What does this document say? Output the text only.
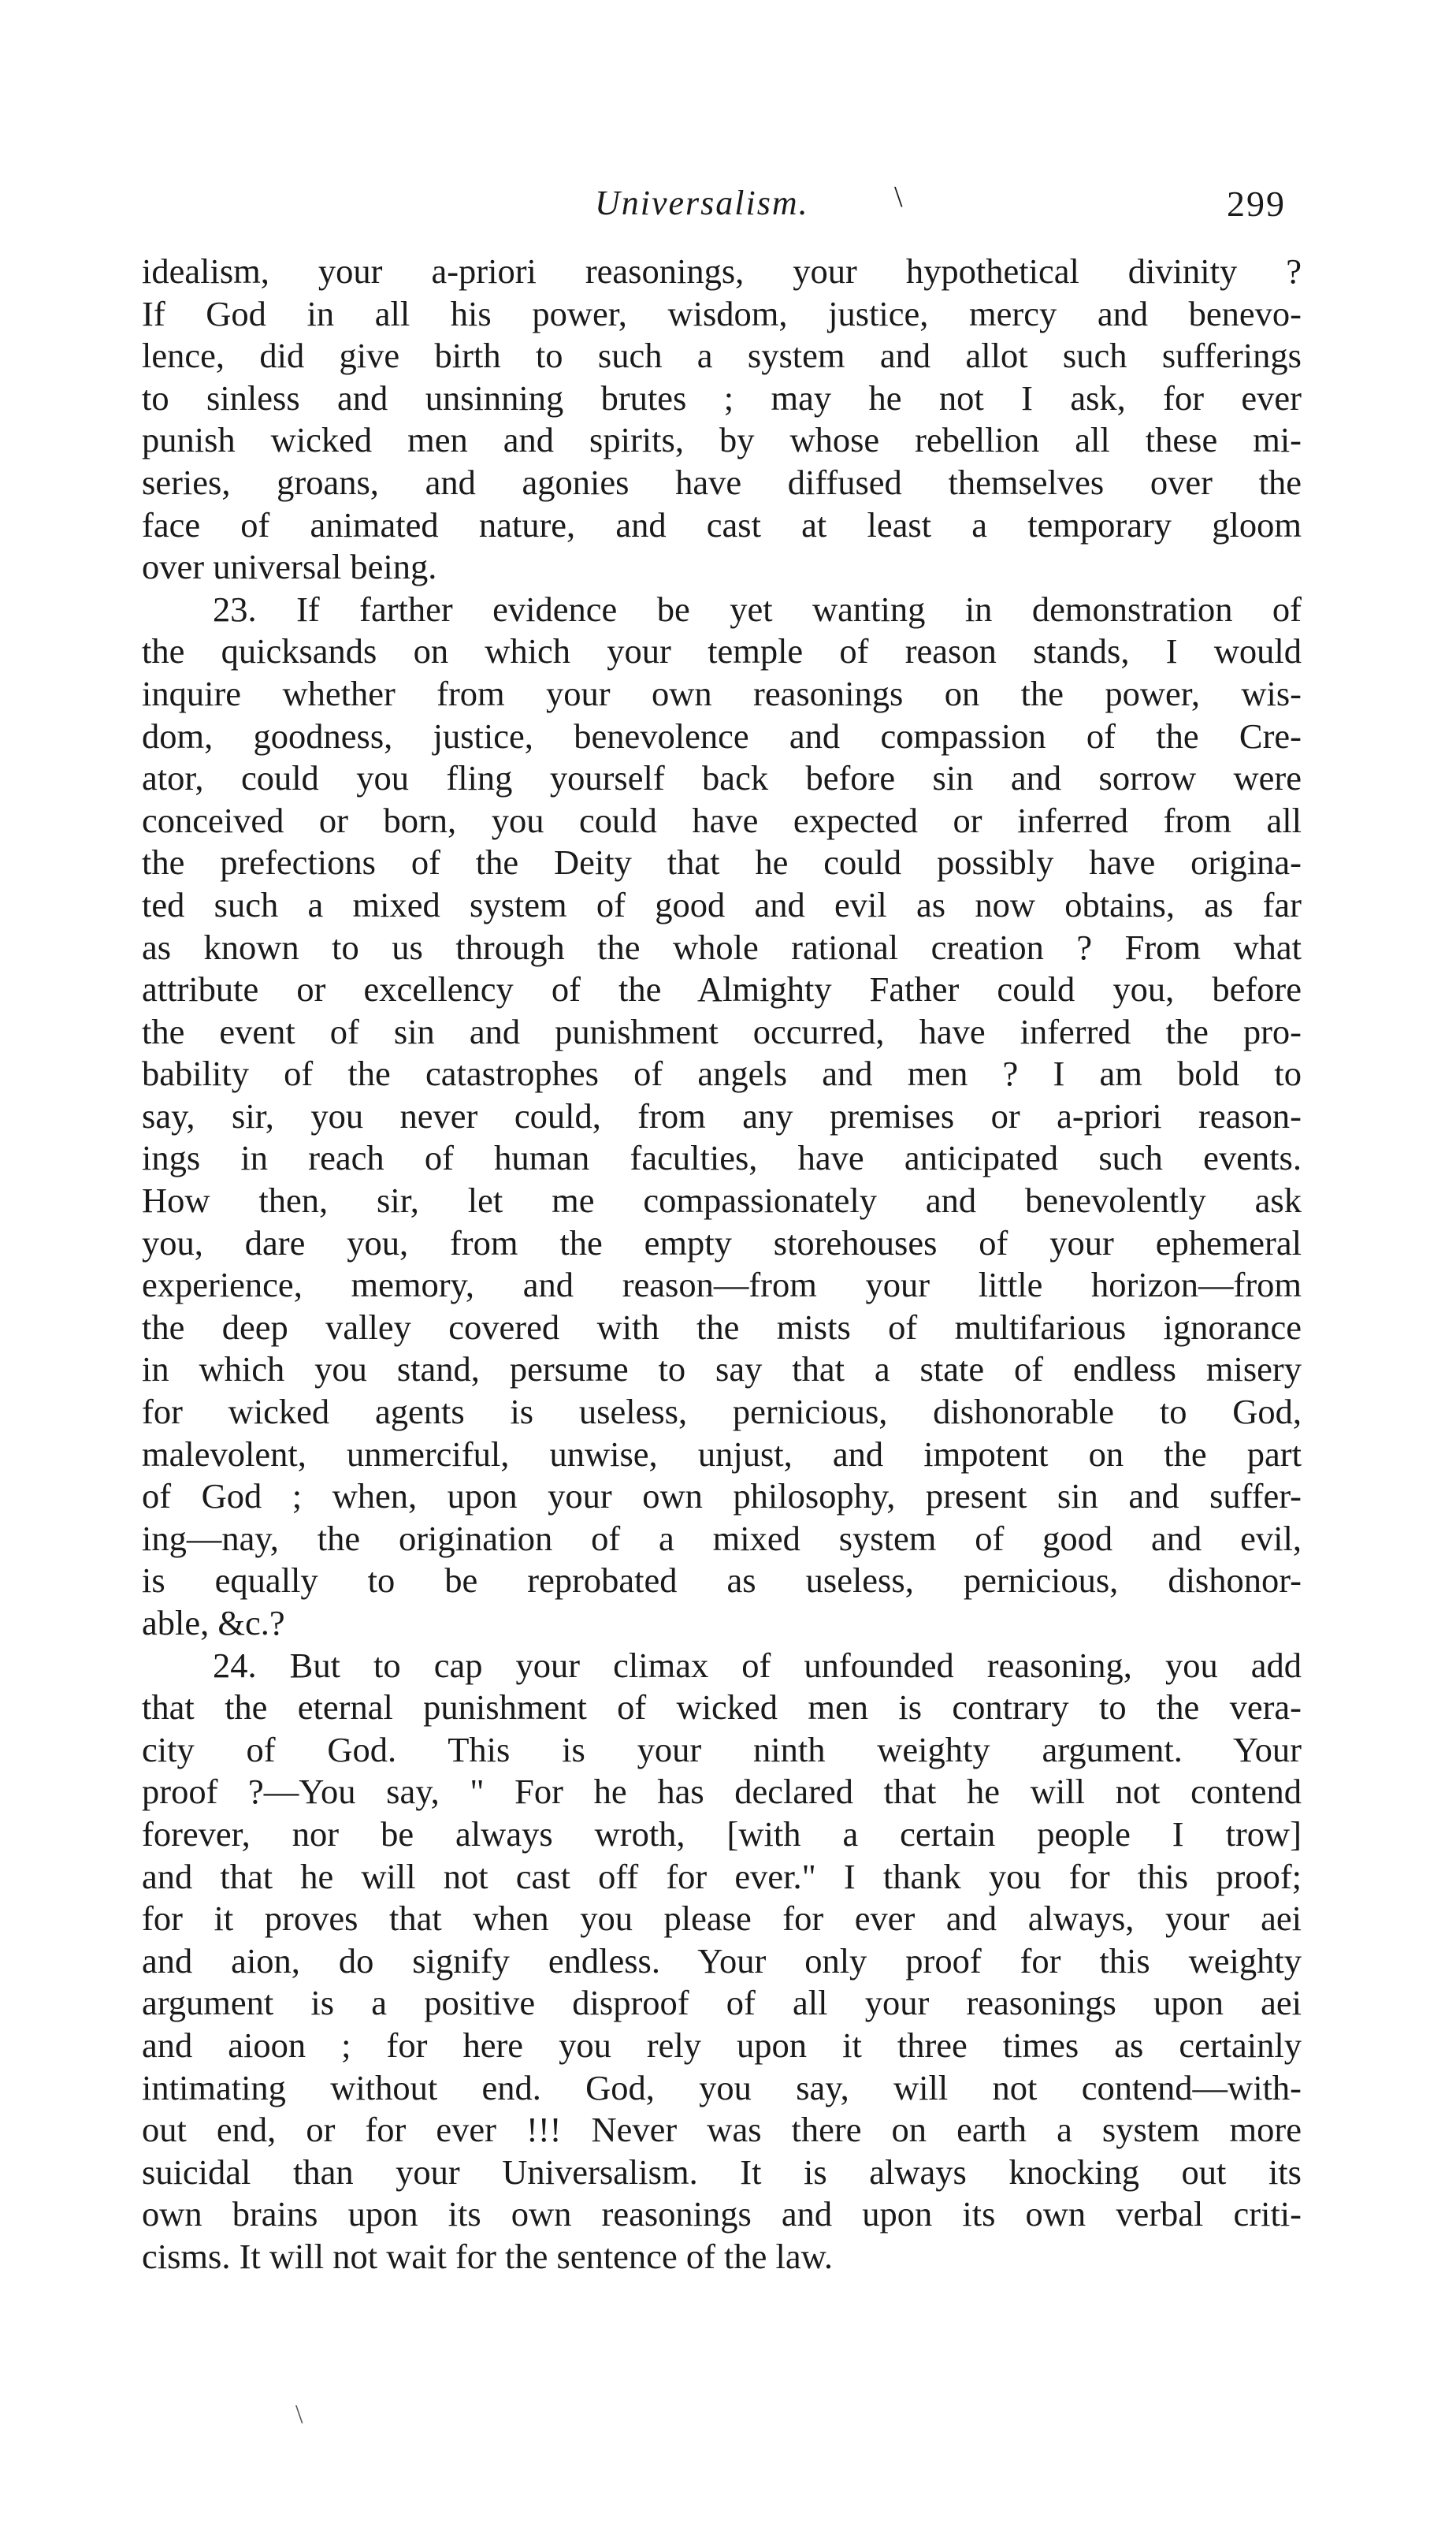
Universalism.	\	299
idealism, your a-priori reasonings, your hypothetical divinity ?
If God in all his power, wisdom, justice, mercy and benevo-
lence, did give birth to such a system and allot such sufferings
to sinless and unsinning brutes ; may he not I ask, for ever
punish wicked men and spirits, by whose rebellion all these mi-
series, groans, and agonies have diffused themselves over the
face of animated nature, and cast at least a temporary gloom
over universal being.
23. If farther evidence be yet wanting in demonstration of
the quicksands on which your temple of reason stands, I would
inquire whether from your own reasonings on the power, wis-
dom, goodness, justice, benevolence and compassion of the Cre-
ator, could you fling yourself back before sin and sorrow were
conceived or born, you could have expected or inferred from all
the prefections of the Deity that he could possibly have origina-
ted such a mixed system of good and evil as now obtains, as far
as known to us through the whole rational creation ? From what
attribute or excellency of the Almighty Father could you, before
the event of sin and punishment occurred, have inferred the pro-
bability of the catastrophes of angels and men ? I am bold to
say, sir, you never could, from any premises or a-priori reason-
ings in reach of human faculties, have anticipated such events.
How then, sir, let me compassionately and benevolently ask
you, dare you, from the empty storehouses of your ephemeral
experience, memory, and reason—from your little horizon—from
the deep valley covered with the mists of multifarious ignorance
in which you stand, persume to say that a state of endless misery
for wicked agents is useless, pernicious, dishonorable to God,
malevolent, unmerciful, unwise, unjust, and impotent on the part
of God ; when, upon your own philosophy, present sin and suffer-
ing—nay, the origination of a mixed system of good and evil,
is equally to be reprobated as useless, pernicious, dishonor-
able, &c.?
24. But to cap your climax of unfounded reasoning, you add
that the eternal punishment of wicked men is contrary to the vera-
city of God. This is your ninth weighty argument. Your
proof ?—You say, " For he has declared that he will not contend
forever, nor be always wroth, [with a certain people I trow]
and that he will not cast off for ever." I thank you for this proof;
for it proves that when you please for ever and always, your aei
and aion, do signify endless. Your only proof for this weighty
argument is a positive disproof of all your reasonings upon aei
and aioon ; for here you rely upon it three times as certainly
intimating without end. God, you say, will not contend—with-
out end, or for ever !!! Never was there on earth a system more
suicidal than your Universalism. It is always knocking out its
own brains upon its own reasonings and upon its own verbal criti-
cisms. It will not wait for the sentence of the law.
\
